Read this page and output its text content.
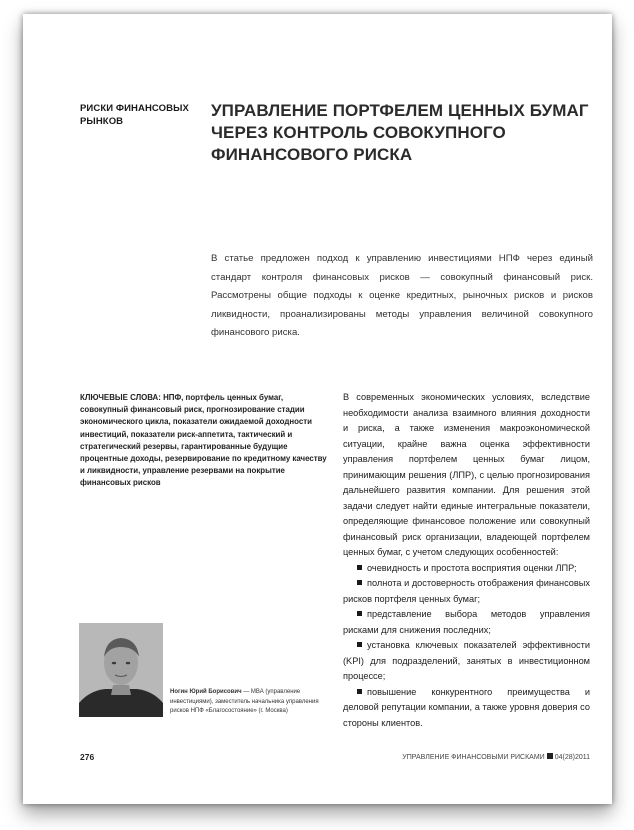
РИСКИ ФИНАНСОВЫХ РЫНКОВ
УПРАВЛЕНИЕ ПОРТФЕЛЕМ ЦЕННЫХ БУМАГ ЧЕРЕЗ КОНТРОЛЬ СОВОКУПНОГО ФИНАНСОВОГО РИСКА
В статье предложен подход к управлению инвестициями НПФ через единый стандарт контроля финансовых рисков — совокупный финансовый риск. Рассмотрены общие подходы к оценке кредитных, рыночных рисков и рисков ликвидности, проанализированы методы управления величиной совокупного финансового риска.
КЛЮЧЕВЫЕ СЛОВА: НПФ, портфель ценных бумаг, совокупный финансовый риск, прогнозирование стадии экономического цикла, показатели ожидаемой доходности инвестиций, показатели риск-аппетита, тактический и стратегический резервы, гарантированные будущие процентные доходы, резервирование по кредитному качеству и ликвидности, управление резервами на покрытие финансовых рисков

В современных экономических условиях, вследствие необходимости анализа взаимного влияния доходности и риска, а также изменения макроэкономической ситуации, крайне важна оценка эффективности управления портфелем ценных бумаг лицом, принимающим решения (ЛПР), с целью прогнозирования дальнейшего развития компании. Для решения этой задачи следует найти единые интегральные показатели, определяющие финансовое положение или совокупный финансовый риск организации, владеющей портфелем ценных бумаг, с учетом следующих особенностей:

очевидность и простота восприятия оценки ЛПР;
полнота и достоверность отображения финансовых рисков портфеля ценных бумаг;
представление выбора методов управления рисками для снижения последних;
установка ключевых показателей эффективности (KPI) для подразделений, занятых в инвестиционном процессе;
повышение конкурентного преимущества и деловой репутации компании, а также уровня доверия со стороны клиентов.
Ногин Юрий Борисович — МВА (управление инвестициями), заместитель начальника управления рисков НПФ «Благосостояние» (г. Москва)
276	УПРАВЛЕНИЕ ФИНАНСОВЫМИ РИСКАМИ 04(28)2011
